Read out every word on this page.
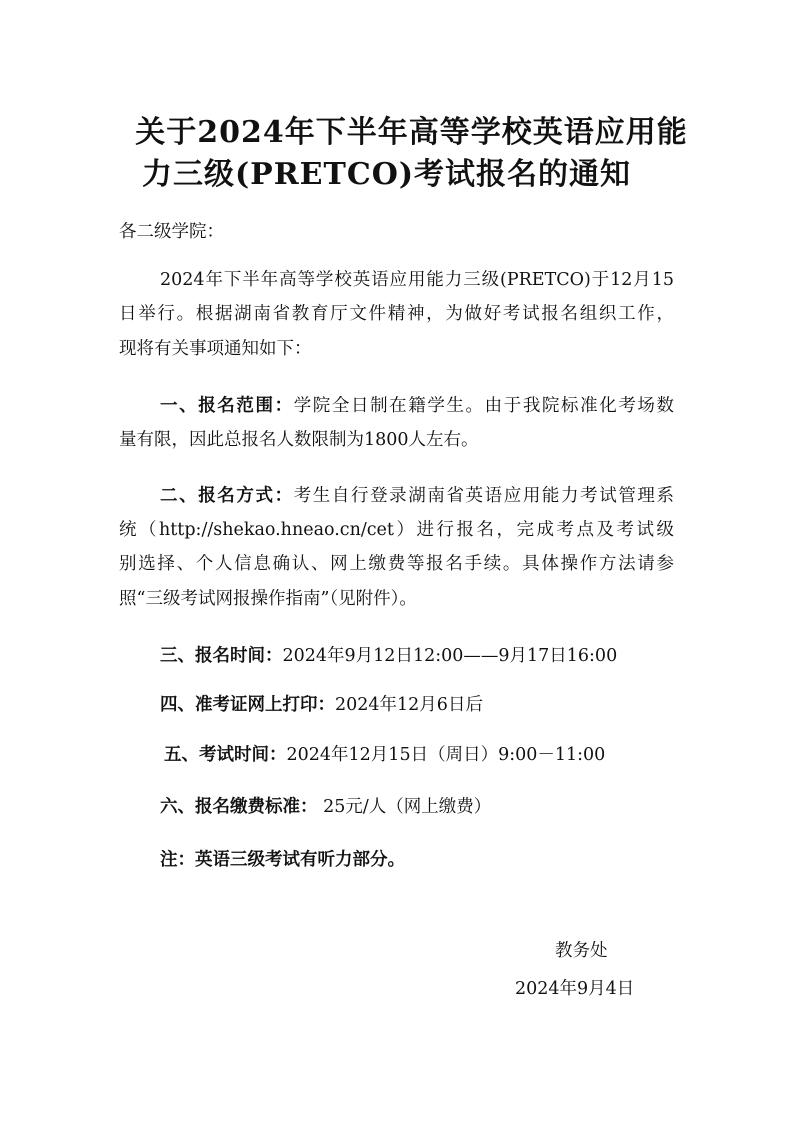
关于2024年下半年高等学校英语应用能
力三级(PRETCO)考试报名的通知
各二级学院：
2024年下半年高等学校英语应用能力三级(PRETCO)于12月15
日举行。根据湖南省教育厅文件精神，为做好考试报名组织工作，
现将有关事项通知如下：
一、报名范围：学院全日制在籍学生。由于我院标准化考场数
量有限，因此总报名人数限制为1800人左右。
二、报名方式：考生自行登录湖南省英语应用能力考试管理系
统（http://shekao.hneao.cn/cet）进行报名，完成考点及考试级
别选择、个人信息确认、网上缴费等报名手续。具体操作方法请参
照“三级考试网报操作指南”（见附件）。
三、报名时间：2024年9月12日12:00——9月17日16:00
四、准考证网上打印：2024年12月6日后
五、考试时间：2024年12月15日（周日）9:00－11:00
六、报名缴费标准： 25元/人（网上缴费）
注：英语三级考试有听力部分。
教务处
2024年9月4日
